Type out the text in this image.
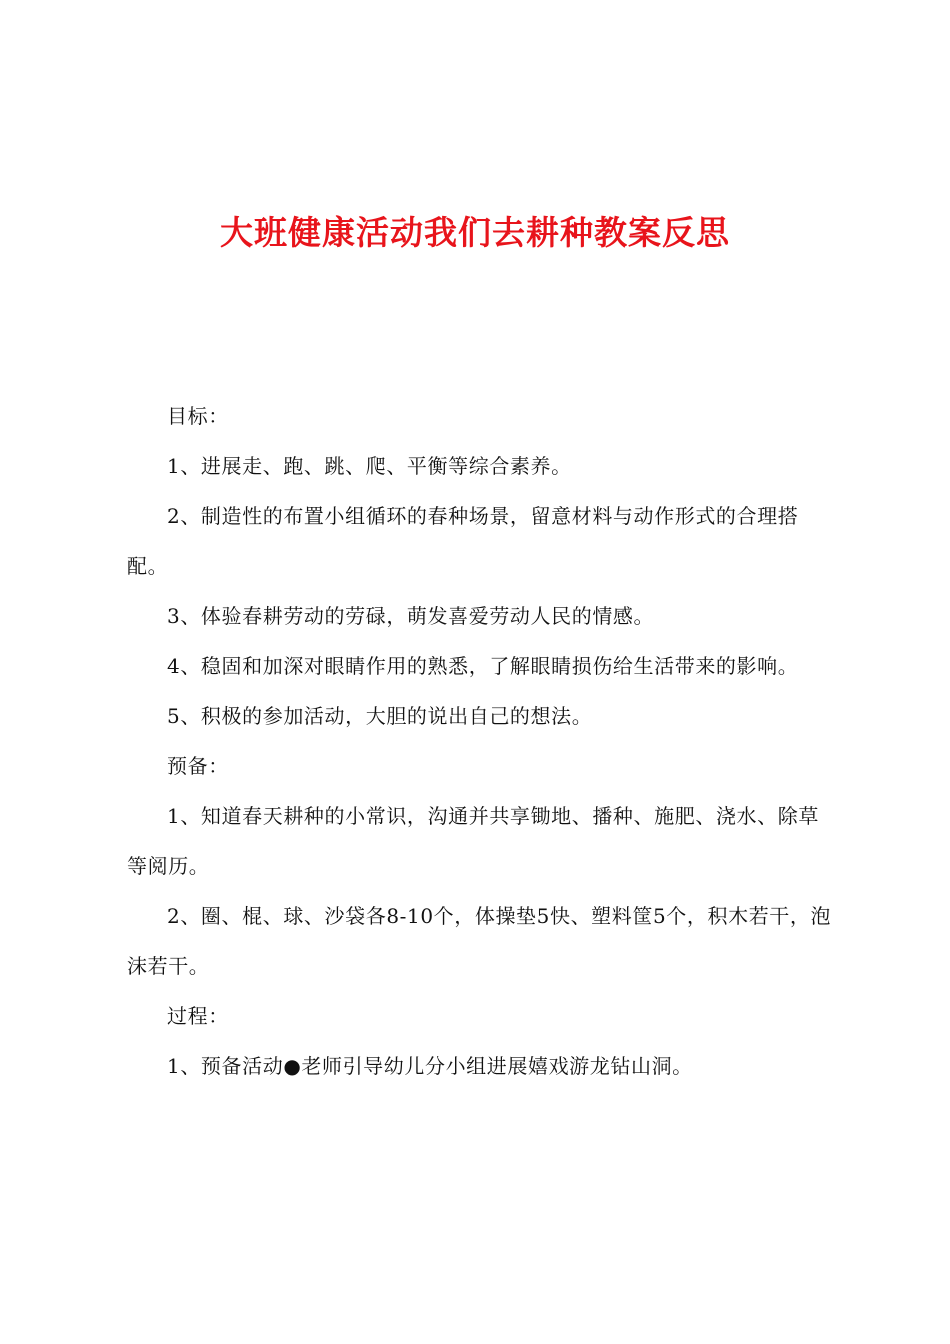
大班健康活动我们去耕种教案反思

目标：

1、进展走、跑、跳、爬、平衡等综合素养。

2、制造性的布置小组循环的春种场景，留意材料与动作形式的合理搭配。

3、体验春耕劳动的劳碌，萌发喜爱劳动人民的情感。

4、稳固和加深对眼睛作用的熟悉，了解眼睛损伤给生活带来的影响。

5、积极的参加活动，大胆的说出自己的想法。

预备：

1、知道春天耕种的小常识，沟通并共享锄地、播种、施肥、浇水、除草等阅历。

2、圈、棍、球、沙袋各8-10个，体操垫5快、塑料筐5个，积木若干，泡沫若干。

过程：

1、预备活动●老师引导幼儿分小组进展嬉戏游龙钻山洞。
